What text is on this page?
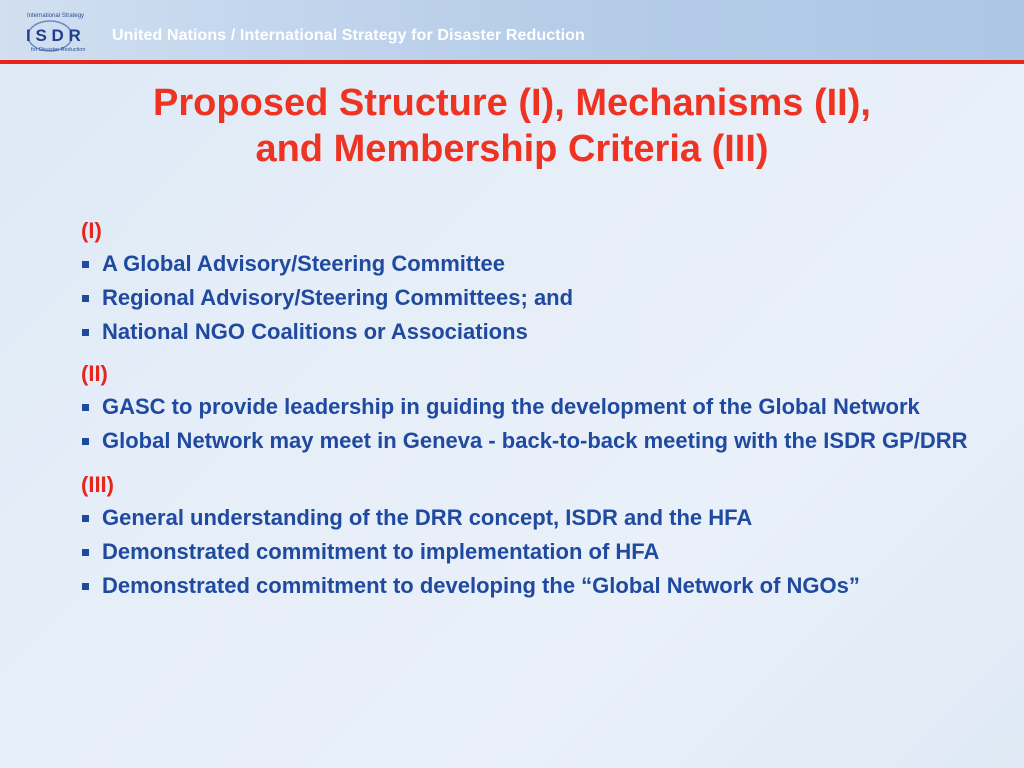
International Strategy
I S D R
for Disaster Reduction
United Nations / International Strategy for Disaster Reduction
Proposed Structure (I), Mechanisms (II),
and Membership Criteria (III)
(I)
A Global Advisory/Steering Committee
Regional Advisory/Steering Committees; and
National NGO Coalitions or Associations
(II)
GASC to provide leadership in guiding the development of the Global Network
Global Network may meet in Geneva - back-to-back meeting with the ISDR GP/DRR
(III)
General understanding of the DRR concept, ISDR and the HFA
Demonstrated commitment to implementation of HFA
Demonstrated commitment to developing the “Global Network of NGOs”
